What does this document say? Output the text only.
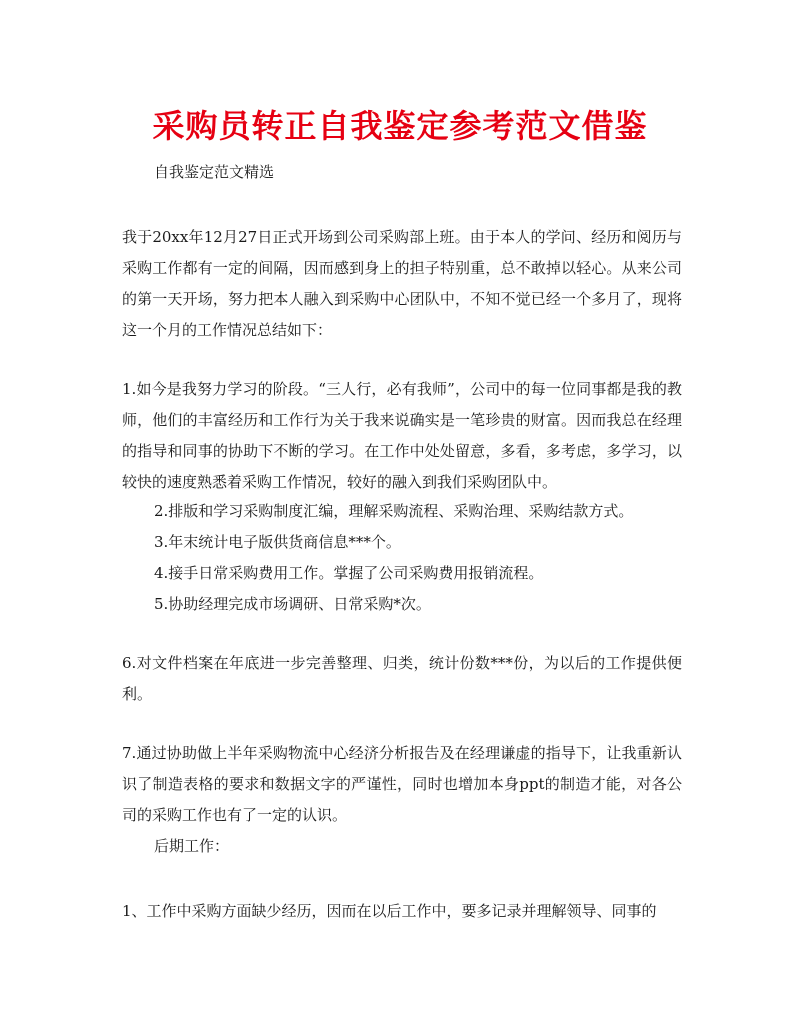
采购员转正自我鉴定参考范文借鉴

自我鉴定范文精选

我于20xx年12月27日正式开场到公司采购部上班。由于本人的学问、经历和阅历与采购工作都有一定的间隔，因而感到身上的担子特别重，总不敢掉以轻心。从来公司的第一天开场，努力把本人融入到采购中心团队中，不知不觉已经一个多月了，现将这一个月的工作情况总结如下：

1.如今是我努力学习的阶段。“三人行，必有我师”，公司中的每一位同事都是我的教师，他们的丰富经历和工作行为关于我来说确实是一笔珍贵的财富。因而我总在经理的指导和同事的协助下不断的学习。在工作中处处留意，多看，多考虑，多学习，以较快的速度熟悉着采购工作情况，较好的融入到我们采购团队中。

2.排版和学习采购制度汇编，理解采购流程、采购治理、采购结款方式。

3.年末统计电子版供货商信息***个。

4.接手日常采购费用工作。掌握了公司采购费用报销流程。

5.协助经理完成市场调研、日常采购*次。

6.对文件档案在年底进一步完善整理、归类，统计份数***份，为以后的工作提供便利。

7.通过协助做上半年采购物流中心经济分析报告及在经理谦虚的指导下，让我重新认识了制造表格的要求和数据文字的严谨性，同时也增加本身ppt的制造才能，对各公司的采购工作也有了一定的认识。

后期工作：

1、工作中采购方面缺少经历，因而在以后工作中，要多记录并理解领导、同事的
